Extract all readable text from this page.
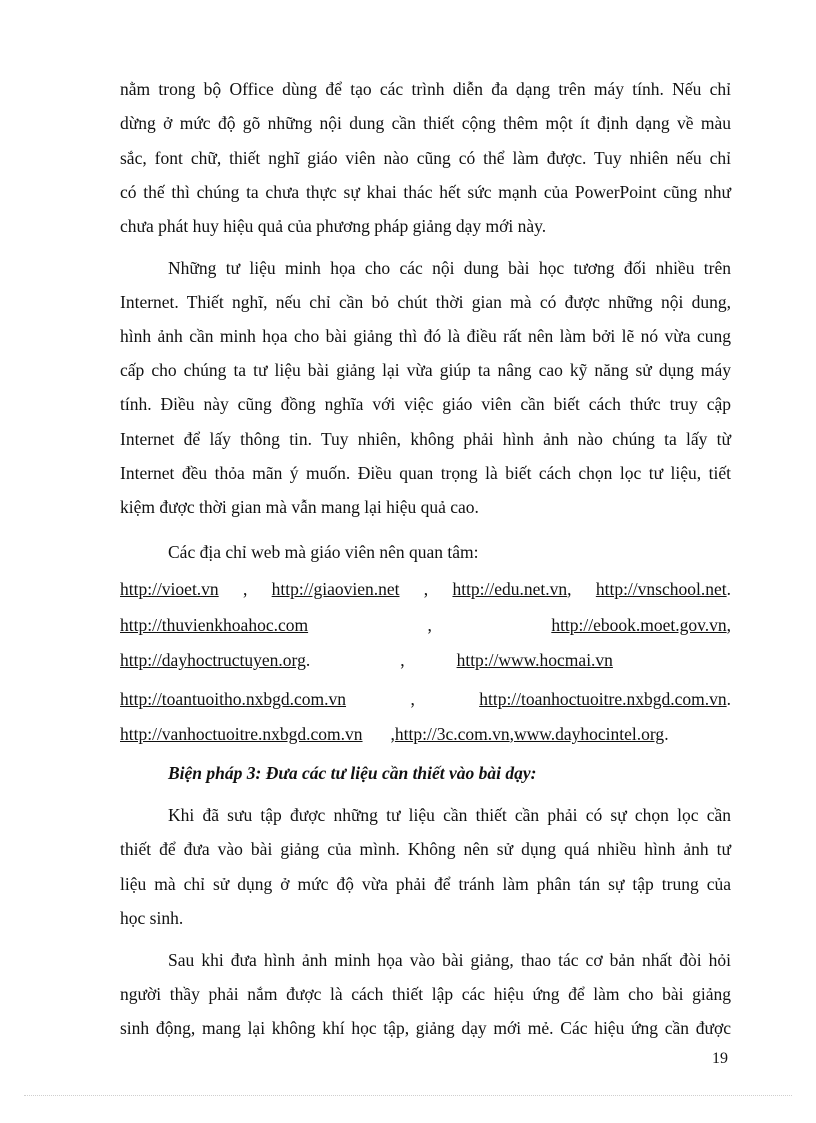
nằm trong bộ Office dùng để tạo các trình diễn đa dạng trên máy tính. Nếu chỉ
dừng ở mức độ gõ những nội dung cần thiết cộng thêm một ít định dạng về màu
sắc, font chữ, thiết nghĩ giáo viên nào cũng có thể làm được. Tuy nhiên nếu chỉ
có thế thì chúng ta chưa thực sự khai thác hết sức mạnh của PowerPoint cũng như
chưa phát huy hiệu quả của phương pháp giảng dạy mới này.
Những tư liệu minh họa cho các nội dung bài học tương đối nhiều trên
Internet. Thiết nghĩ, nếu chỉ cần bỏ chút thời gian mà có được những nội dung,
hình ảnh cần minh họa cho bài giảng thì đó là điều rất nên làm bởi lẽ nó vừa cung
cấp cho chúng ta tư liệu bài giảng lại vừa giúp ta nâng cao kỹ năng sử dụng máy
tính. Điều này cũng đồng nghĩa với việc giáo viên cần biết cách thức truy cập
Internet để lấy thông tin. Tuy nhiên, không phải hình ảnh nào chúng ta lấy từ
Internet đều thỏa mãn ý muốn. Điều quan trọng là biết cách chọn lọc tư liệu, tiết
kiệm được thời gian mà vẫn mang lại hiệu quả cao.
Các địa chỉ web mà giáo viên nên quan tâm:
http://vioet.vn , http://giaovien.net , http://edu.net.vn, http://vnschool.net.
http://thuvienkhoahoc.com	,	http://ebook.moet.gov.vn,
http://dayhoctructuyen.org.	,	http://www.hocmai.vn
http://toantuoitho.nxbgd.com.vn	,	http://toanhoctuoitre.nxbgd.com.vn.
http://vanhoctuoitre.nxbgd.com.vn , http://3c.com.vn , www.dayhocintel.org .
Biện pháp 3: Đưa các tư liệu cần thiết vào bài dạy:
Khi đã sưu tập được những tư liệu cần thiết cần phải có sự chọn lọc cần
thiết để đưa vào bài giảng của mình. Không nên sử dụng quá nhiều hình ảnh tư
liệu mà chỉ sử dụng ở mức độ vừa phải để tránh làm phân tán sự tập trung của
học sinh.
Sau khi đưa hình ảnh minh họa vào bài giảng, thao tác cơ bản nhất đòi hỏi
người thầy phải nắm được là cách thiết lập các hiệu ứng để làm cho bài giảng
sinh động, mang lại không khí học tập, giảng dạy mới mẻ. Các hiệu ứng cần được
19
